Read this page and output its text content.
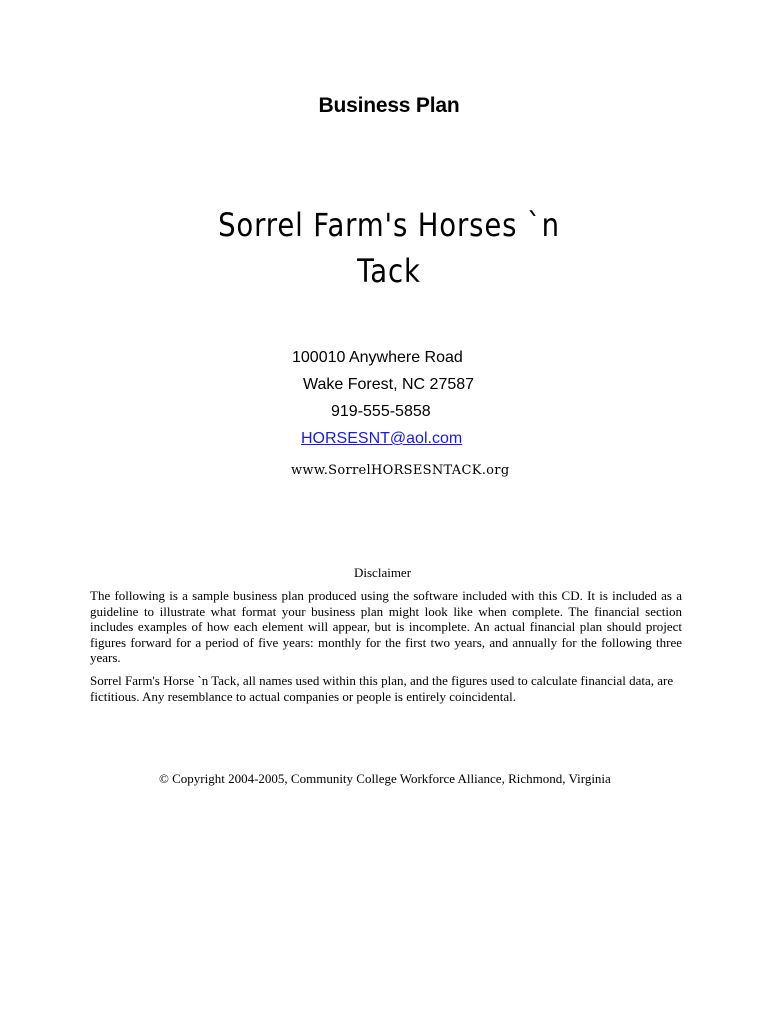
Business Plan
Sorrel Farm's Horses `n Tack
100010 Anywhere Road
Wake Forest, NC 27587
919-555-5858
HORSESNT@aol.com
www.SorrelHORSESNTACK.org
Disclaimer
The following is a sample business plan produced using the software included with this CD. It is included as a guideline to illustrate what format your business plan might look like when complete. The financial section includes examples of how each element will appear, but is incomplete. An actual financial plan should project figures forward for a period of five years: monthly for the first two years, and annually for the following three years.
Sorrel Farm's Horse `n Tack, all names used within this plan, and the figures used to calculate financial data, are fictitious. Any resemblance to actual companies or people is entirely coincidental.
© Copyright 2004-2005, Community College Workforce Alliance, Richmond, Virginia
